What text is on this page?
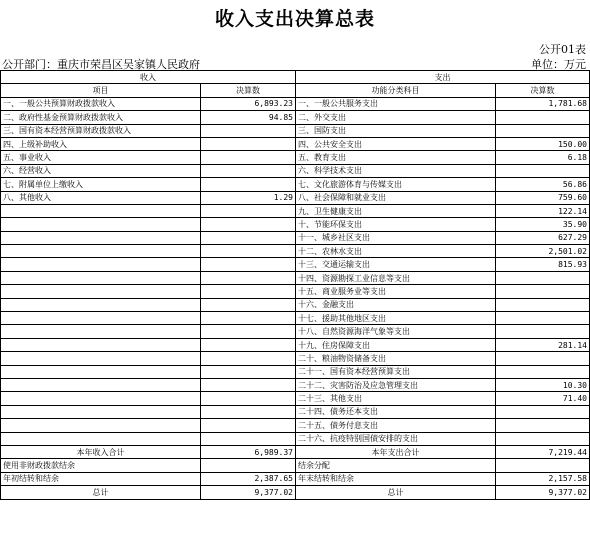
收入支出决算总表
公开01表
公开部门：重庆市荣昌区吴家镇人民政府	单位：万元
收入		支出	
项目	决算数	功能分类科目	决算数
一、一般公共预算财政拨款收入	6,893.23	一、一般公共服务支出	1,781.68
二、政府性基金预算财政拨款收入	94.85	二、外交支出	
三、国有资本经营预算财政拨款收入		三、国防支出	
四、上级补助收入		四、公共安全支出	150.00
五、事业收入		五、教育支出	6.18
六、经营收入		六、科学技术支出	
七、附属单位上缴收入		七、文化旅游体育与传媒支出	56.86
八、其他收入	1.29	八、社会保障和就业支出	759.60
		九、卫生健康支出	122.14
		十、节能环保支出	35.90
		十一、城乡社区支出	627.29
		十二、农林水支出	2,501.02
		十三、交通运输支出	815.93
		十四、资源勘探工业信息等支出	
		十五、商业服务业等支出	
		十六、金融支出	
		十七、援助其他地区支出	
		十八、自然资源海洋气象等支出	
		十九、住房保障支出	281.14
		二十、粮油物资储备支出	
		二十一、国有资本经营预算支出	
		二十二、灾害防治及应急管理支出	10.30
		二十三、其他支出	71.40
		二十四、债务还本支出	
		二十五、债务付息支出	
		二十六、抗疫特别国债安排的支出	
本年收入合计	6,989.37	本年支出合计	7,219.44
使用非财政拨款结余		结余分配	
年初结转和结余	2,387.65	年末结转和结余	2,157.58
总计	9,377.02	总计	9,377.02
